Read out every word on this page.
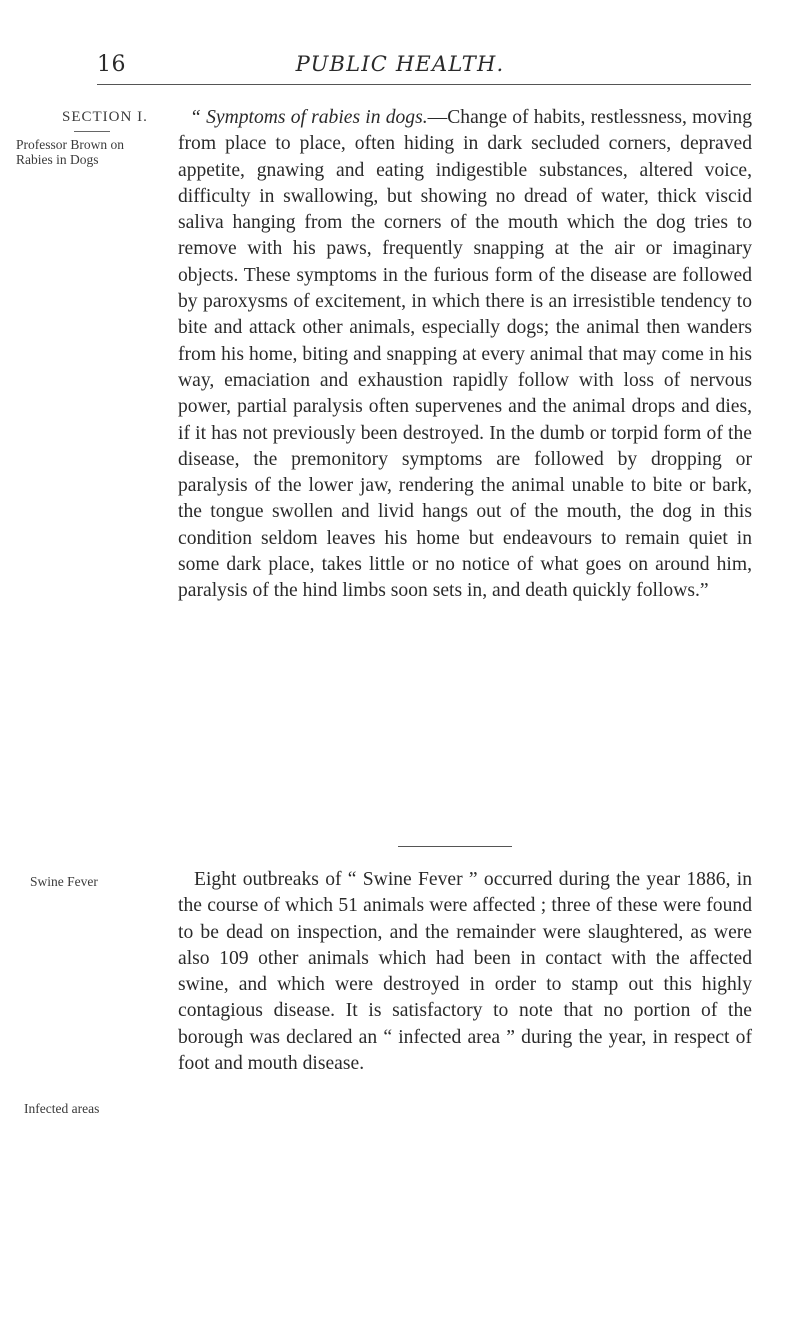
16	PUBLIC HEALTH.
SECTION I.
Professor Brown on Rabies in Dogs
“ Symptoms of rabies in dogs.—Change of habits, restlessness, moving from place to place, often hiding in dark secluded corners, depraved appetite, gnawing and eating indigestible substances, altered voice, difficulty in swallowing, but showing no dread of water, thick viscid saliva hanging from the corners of the mouth which the dog tries to remove with his paws, frequently snapping at the air or imaginary objects. These symptoms in the furious form of the disease are followed by paroxysms of excitement, in which there is an irresistible tendency to bite and attack other animals, especially dogs; the animal then wanders from his home, biting and snapping at every animal that may come in his way, emaciation and exhaustion rapidly follow with loss of nervous power, partial paralysis often supervenes and the animal drops and dies, if it has not previously been destroyed. In the dumb or torpid form of the disease, the premonitory symptoms are followed by dropping or paralysis of the lower jaw, rendering the animal unable to bite or bark, the tongue swollen and livid hangs out of the mouth, the dog in this condition seldom leaves his home but endeavours to remain quiet in some dark place, takes little or no notice of what goes on around him, paralysis of the hind limbs soon sets in, and death quickly follows.”
Swine Fever
Infected areas
Eight outbreaks of “ Swine Fever ” occurred during the year 1886, in the course of which 51 animals were affected ; three of these were found to be dead on inspection, and the remainder were slaughtered, as were also 109 other animals which had been in contact with the affected swine, and which were destroyed in order to stamp out this highly contagious disease. It is satisfactory to note that no portion of the borough was declared an “ infected area ” during the year, in respect of foot and mouth disease.
